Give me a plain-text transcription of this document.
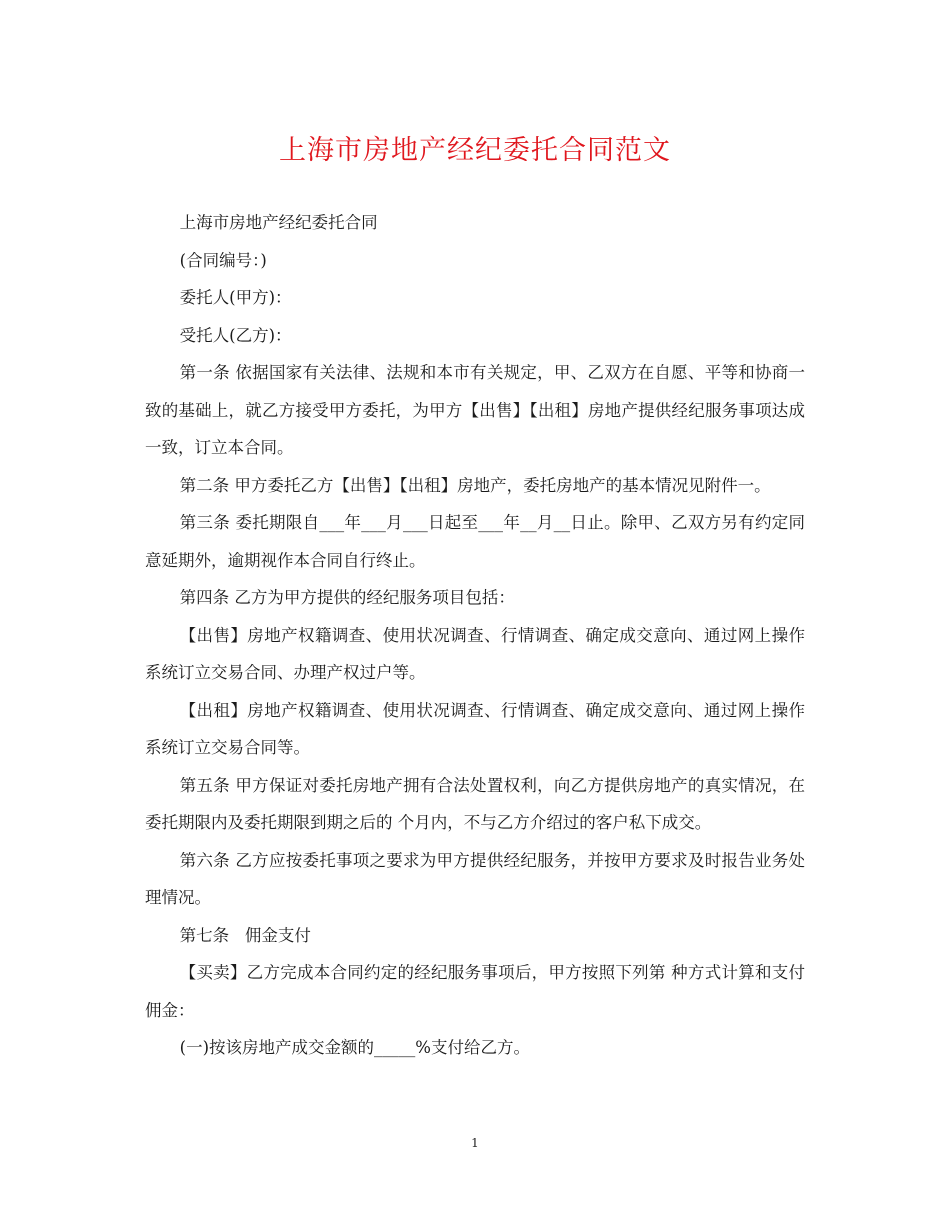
上海市房地产经纪委托合同范文

上海市房地产经纪委托合同

(合同编号：)

委托人(甲方)：

受托人(乙方)：

第一条 依据国家有关法律、法规和本市有关规定，甲、乙双方在自愿、平等和协商一致的基础上，就乙方接受甲方委托，为甲方【出售】【出租】房地产提供经纪服务事项达成一致，订立本合同。

第二条 甲方委托乙方【出售】【出租】房地产，委托房地产的基本情况见附件一。

第三条 委托期限自___年___月___日起至___年__月__日止。除甲、乙双方另有约定同意延期外，逾期视作本合同自行终止。

第四条 乙方为甲方提供的经纪服务项目包括：

【出售】房地产权籍调查、使用状况调查、行情调查、确定成交意向、通过网上操作系统订立交易合同、办理产权过户等。

【出租】房地产权籍调查、使用状况调查、行情调查、确定成交意向、通过网上操作系统订立交易合同等。

第五条 甲方保证对委托房地产拥有合法处置权利，向乙方提供房地产的真实情况，在委托期限内及委托期限到期之后的 个月内，不与乙方介绍过的客户私下成交。

第六条 乙方应按委托事项之要求为甲方提供经纪服务，并按甲方要求及时报告业务处理情况。

第七条   佣金支付

【买卖】乙方完成本合同约定的经纪服务事项后，甲方按照下列第 种方式计算和支付佣金：

(一)按该房地产成交金额的_____%支付给乙方。

1
